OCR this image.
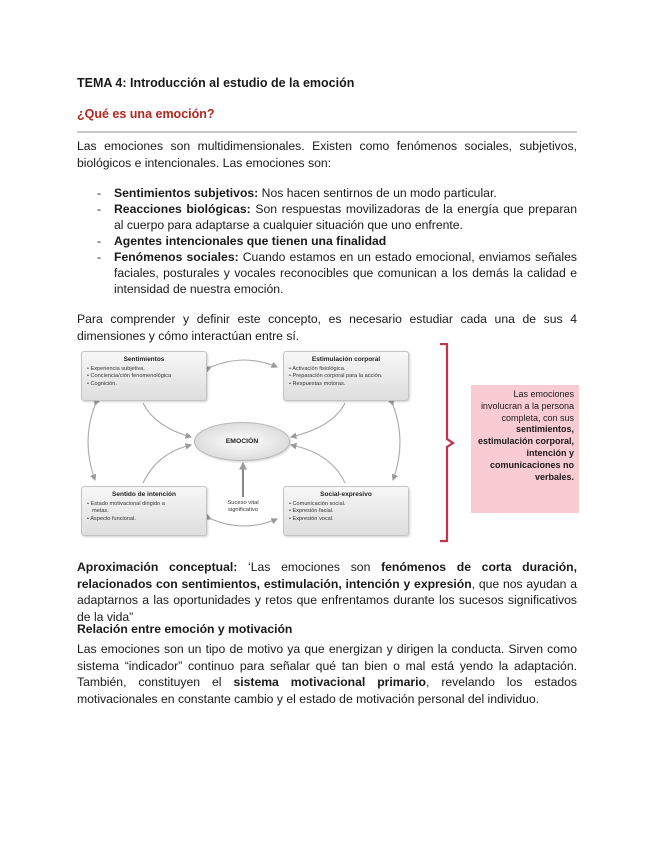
TEMA 4: Introducción al estudio de la emoción
¿Qué es una emoción?
Las emociones son multidimensionales. Existen como fenómenos sociales, subjetivos, biológicos e intencionales. Las emociones son:
- Sentimientos subjetivos: Nos hacen sentirnos de un modo particular.
- Reacciones biológicas: Son respuestas movilizadoras de la energía que preparan al cuerpo para adaptarse a cualquier situación que uno enfrente.
- Agentes intencionales que tienen una finalidad
- Fenómenos sociales: Cuando estamos en un estado emocional, enviamos señales faciales, posturales y vocales reconocibles que comunican a los demás la calidad e intensidad de nuestra emoción.
Para comprender y definir este concepto, es necesario estudiar cada una de sus 4 dimensiones y cómo interactúan entre sí.
Sentimientos
• Experiencia subjetiva.
• Conciencia/ción fenomenológica
• Cognición.
Estimulación corporal
• Activación fisiológica.
• Preparación corporal para la acción.
• Respuestas motoras.
Sentido de intención
• Estado motivacional dirigido a
metas.
• Aspecto funcional.
Social-expresivo
• Comunicación social.
• Expresión facial.
• Expresión vocal.
EMOCIÓN
Suceso vital significativo
Las emociones involucran a la persona completa, con sus sentimientos, estimulación corporal, intención y comunicaciones no verbales.
Aproximación conceptual: ‘Las emociones son fenómenos de corta duración, relacionados con sentimientos, estimulación, intención y expresión, que nos ayudan a adaptarnos a las oportunidades y retos que enfrentamos durante los sucesos significativos de la vida”
Relación entre emoción y motivación
Las emociones son un tipo de motivo ya que energizan y dirigen la conducta. Sirven como sistema “indicador” continuo para señalar qué tan bien o mal está yendo la adaptación. También, constituyen el sistema motivacional primario, revelando los estados motivacionales en constante cambio y el estado de motivación personal del individuo.
